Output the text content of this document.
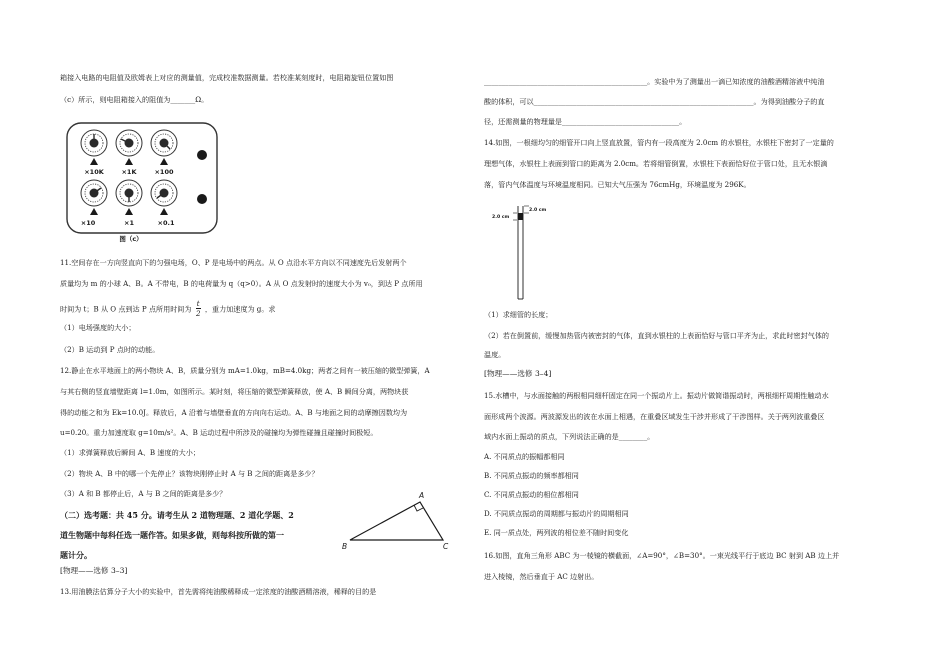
箱接入电路的电阻值及欧姆表上对应的测量值，完成校准数据测量。若校准某刻度时，电阻箱旋钮位置如图
（c）所示，则电阻箱接入的阻值为_______Ω。
×10K	×1K	×100
×10	×1	×0.1
图（c）
11.空间存在一方向竖直向下的匀强电场，O、P 是电场中的两点。从 O 点沿水平方向以不同速度先后发射两个
质量均为 m 的小球 A、B。A 不带电，B 的电荷量为 q（q>0）。A 从 O 点发射时的速度大小为 v₀，到达 P 点所用
时间为 t；B 从 O 点到达 P 点所用时间为 $\frac{t}{2}$ ，重力加速度为 g。求
（1）电场强度的大小；
（2）B 运动到 P 点时的动能。
12.静止在水平地面上的两小物块 A、B，质量分别为 mA=1.0kg，mB=4.0kg；两者之间有一被压缩的微型弹簧，A
与其右侧的竖直墙壁距离 l=1.0m，如图所示。某时刻，将压缩的微型弹簧释放，使 A、B 瞬间分离，两物块获
得的动能之和为 Ek=10.0J。释放后，A 沿着与墙壁垂直的方向向右运动。A、B 与地面之间的动摩擦因数均为
u=0.20。重力加速度取 g=10m/s²。A、B 运动过程中所涉及的碰撞均为弹性碰撞且碰撞时间极短。
（1）求弹簧释放后瞬间 A、B 速度的大小；
（2）物块 A、B 中的哪一个先停止？该物块刚停止时 A 与 B 之间的距离是多少？
（3）A 和 B 都停止后，A 与 B 之间的距离是多少？
（二）选考题：共 45 分。请考生从 2 道物理题、2 道化学题、2
道生物题中每科任选一题作答。如果多做，则每科按所做的第一
题计分。
[物理——选修 3–3]
13.用油膜法估算分子大小的实验中，首先需将纯油酸稀释成一定浓度的油酸酒精溶液，稀释的目的是
A
B	C
______________________________________________。实验中为了测量出一滴已知浓度的油酸酒精溶液中纯油
酸的体积，可以______________________________________________________________。为得到油酸分子的直
径，还需测量的物理量是_________________________________。
14.如图，一根细均匀的细管开口向上竖直放置，管内有一段高度为 2.0cm 的水银柱，水银柱下密封了一定量的
理想气体，水银柱上表面到管口的距离为 2.0cm。若将细管倒置，水银柱下表面恰好位于管口处，且无水银滴
落，管内气体温度与环境温度相同。已知大气压强为 76cmHg，环境温度为 296K。
2.0 cm
2.0 cm
（1）求细管的长度；
（2）若在倒置前，缓慢加热管内被密封的气体，直到水银柱的上表面恰好与管口平齐为止，求此时密封气体的
温度。
[物理——选修 3–4]
15.水槽中，与水面接触的两根相同细杆固定在同一个振动片上。振动片做简谐振动时，两根细杆周期性触动水
面形成两个波源。两波源发出的波在水面上相遇，在重叠区域发生干涉并形成了干涉图样。关于两列波重叠区
域内水面上振动的质点，下列说法正确的是________。
A. 不同质点的振幅都相同
B. 不同质点振动的频率都相同
C. 不同质点振动的相位都相同
D. 不同质点振动的周期都与振动片的周期相同
E. 同一质点处，两列波的相位差不随时间变化
16.如图，直角三角形 ABC 为一棱镜的横截面，∠A=90°，∠B=30°。一束光线平行于底边 BC 射到 AB 边上并
进入棱镜，然后垂直于 AC 边射出。
